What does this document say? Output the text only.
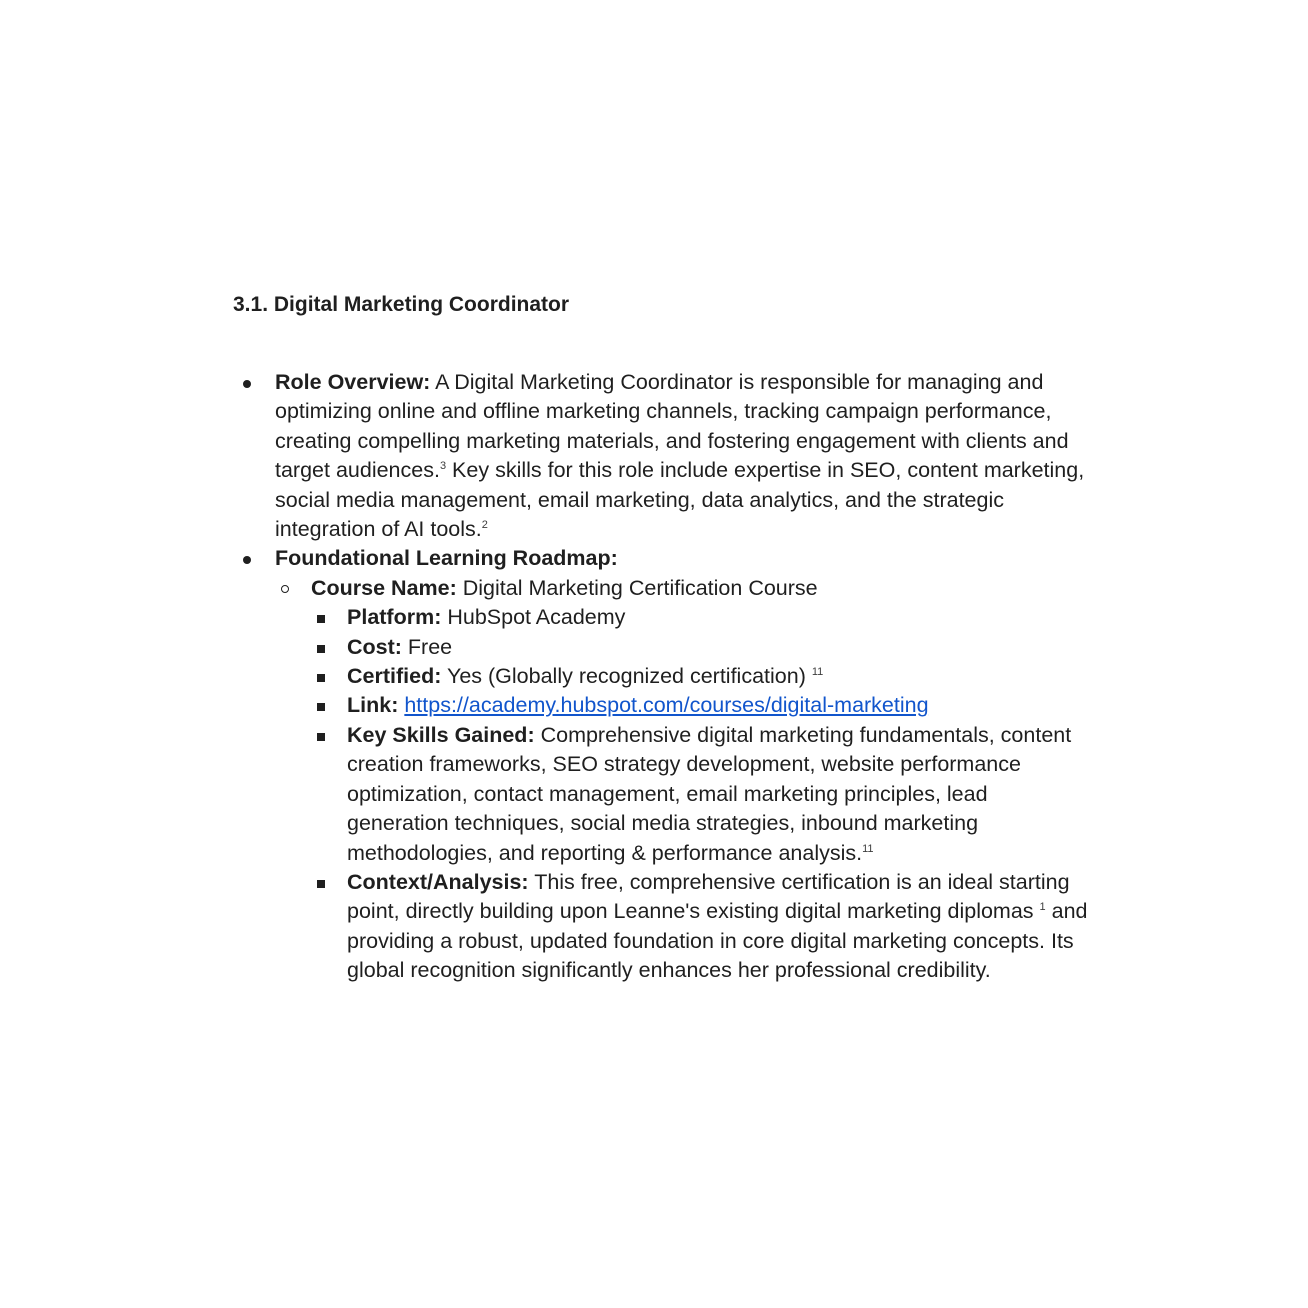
3.1. Digital Marketing Coordinator
Role Overview: A Digital Marketing Coordinator is responsible for managing and optimizing online and offline marketing channels, tracking campaign performance, creating compelling marketing materials, and fostering engagement with clients and target audiences.$^3$ Key skills for this role include expertise in SEO, content marketing, social media management, email marketing, data analytics, and the strategic integration of AI tools.$^2$
Foundational Learning Roadmap:
Course Name: Digital Marketing Certification Course
Platform: HubSpot Academy
Cost: Free
Certified: Yes (Globally recognized certification) $^{11}$
Link: https://academy.hubspot.com/courses/digital-marketing
Key Skills Gained: Comprehensive digital marketing fundamentals, content creation frameworks, SEO strategy development, website performance optimization, contact management, email marketing principles, lead generation techniques, social media strategies, inbound marketing methodologies, and reporting & performance analysis.$^{11}$
Context/Analysis: This free, comprehensive certification is an ideal starting point, directly building upon Leanne's existing digital marketing diplomas $^1$ and providing a robust, updated foundation in core digital marketing concepts. Its global recognition significantly enhances her professional credibility.
